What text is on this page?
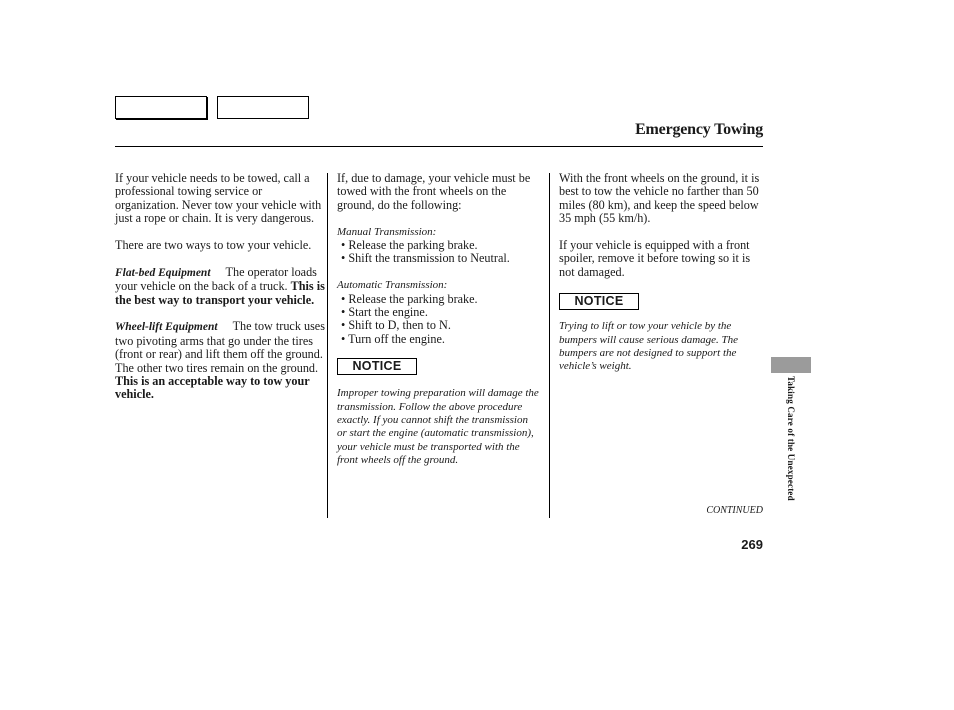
Emergency Towing

If your vehicle needs to be towed, call a professional towing service or organization. Never tow your vehicle with just a rope or chain. It is very dangerous.

There are two ways to tow your vehicle.

Flat-bed Equipment The operator loads your vehicle on the back of a truck. This is the best way to transport your vehicle.

Wheel-lift Equipment The tow truck uses two pivoting arms that go under the tires (front or rear) and lift them off the ground. The other two tires remain on the ground. This is an acceptable way to tow your vehicle.

If, due to damage, your vehicle must be towed with the front wheels on the ground, do the following:

Manual Transmission:

• Release the parking brake.

• Shift the transmission to Neutral.

Automatic Transmission:

• Release the parking brake.

• Start the engine.

• Shift to D, then to N.

• Turn off the engine.

NOTICE

Improper towing preparation will damage the transmission. Follow the above procedure exactly. If you cannot shift the transmission or start the engine (automatic transmission), your vehicle must be transported with the front wheels off the ground.

With the front wheels on the ground, it is best to tow the vehicle no farther than 50 miles (80 km), and keep the speed below 35 mph (55 km/h).

If your vehicle is equipped with a front spoiler, remove it before towing so it is not damaged.

NOTICE

Trying to lift or tow your vehicle by the bumpers will cause serious damage. The bumpers are not designed to support the vehicle’s weight.

Taking Care of the Unexpected
CONTINUED
269
